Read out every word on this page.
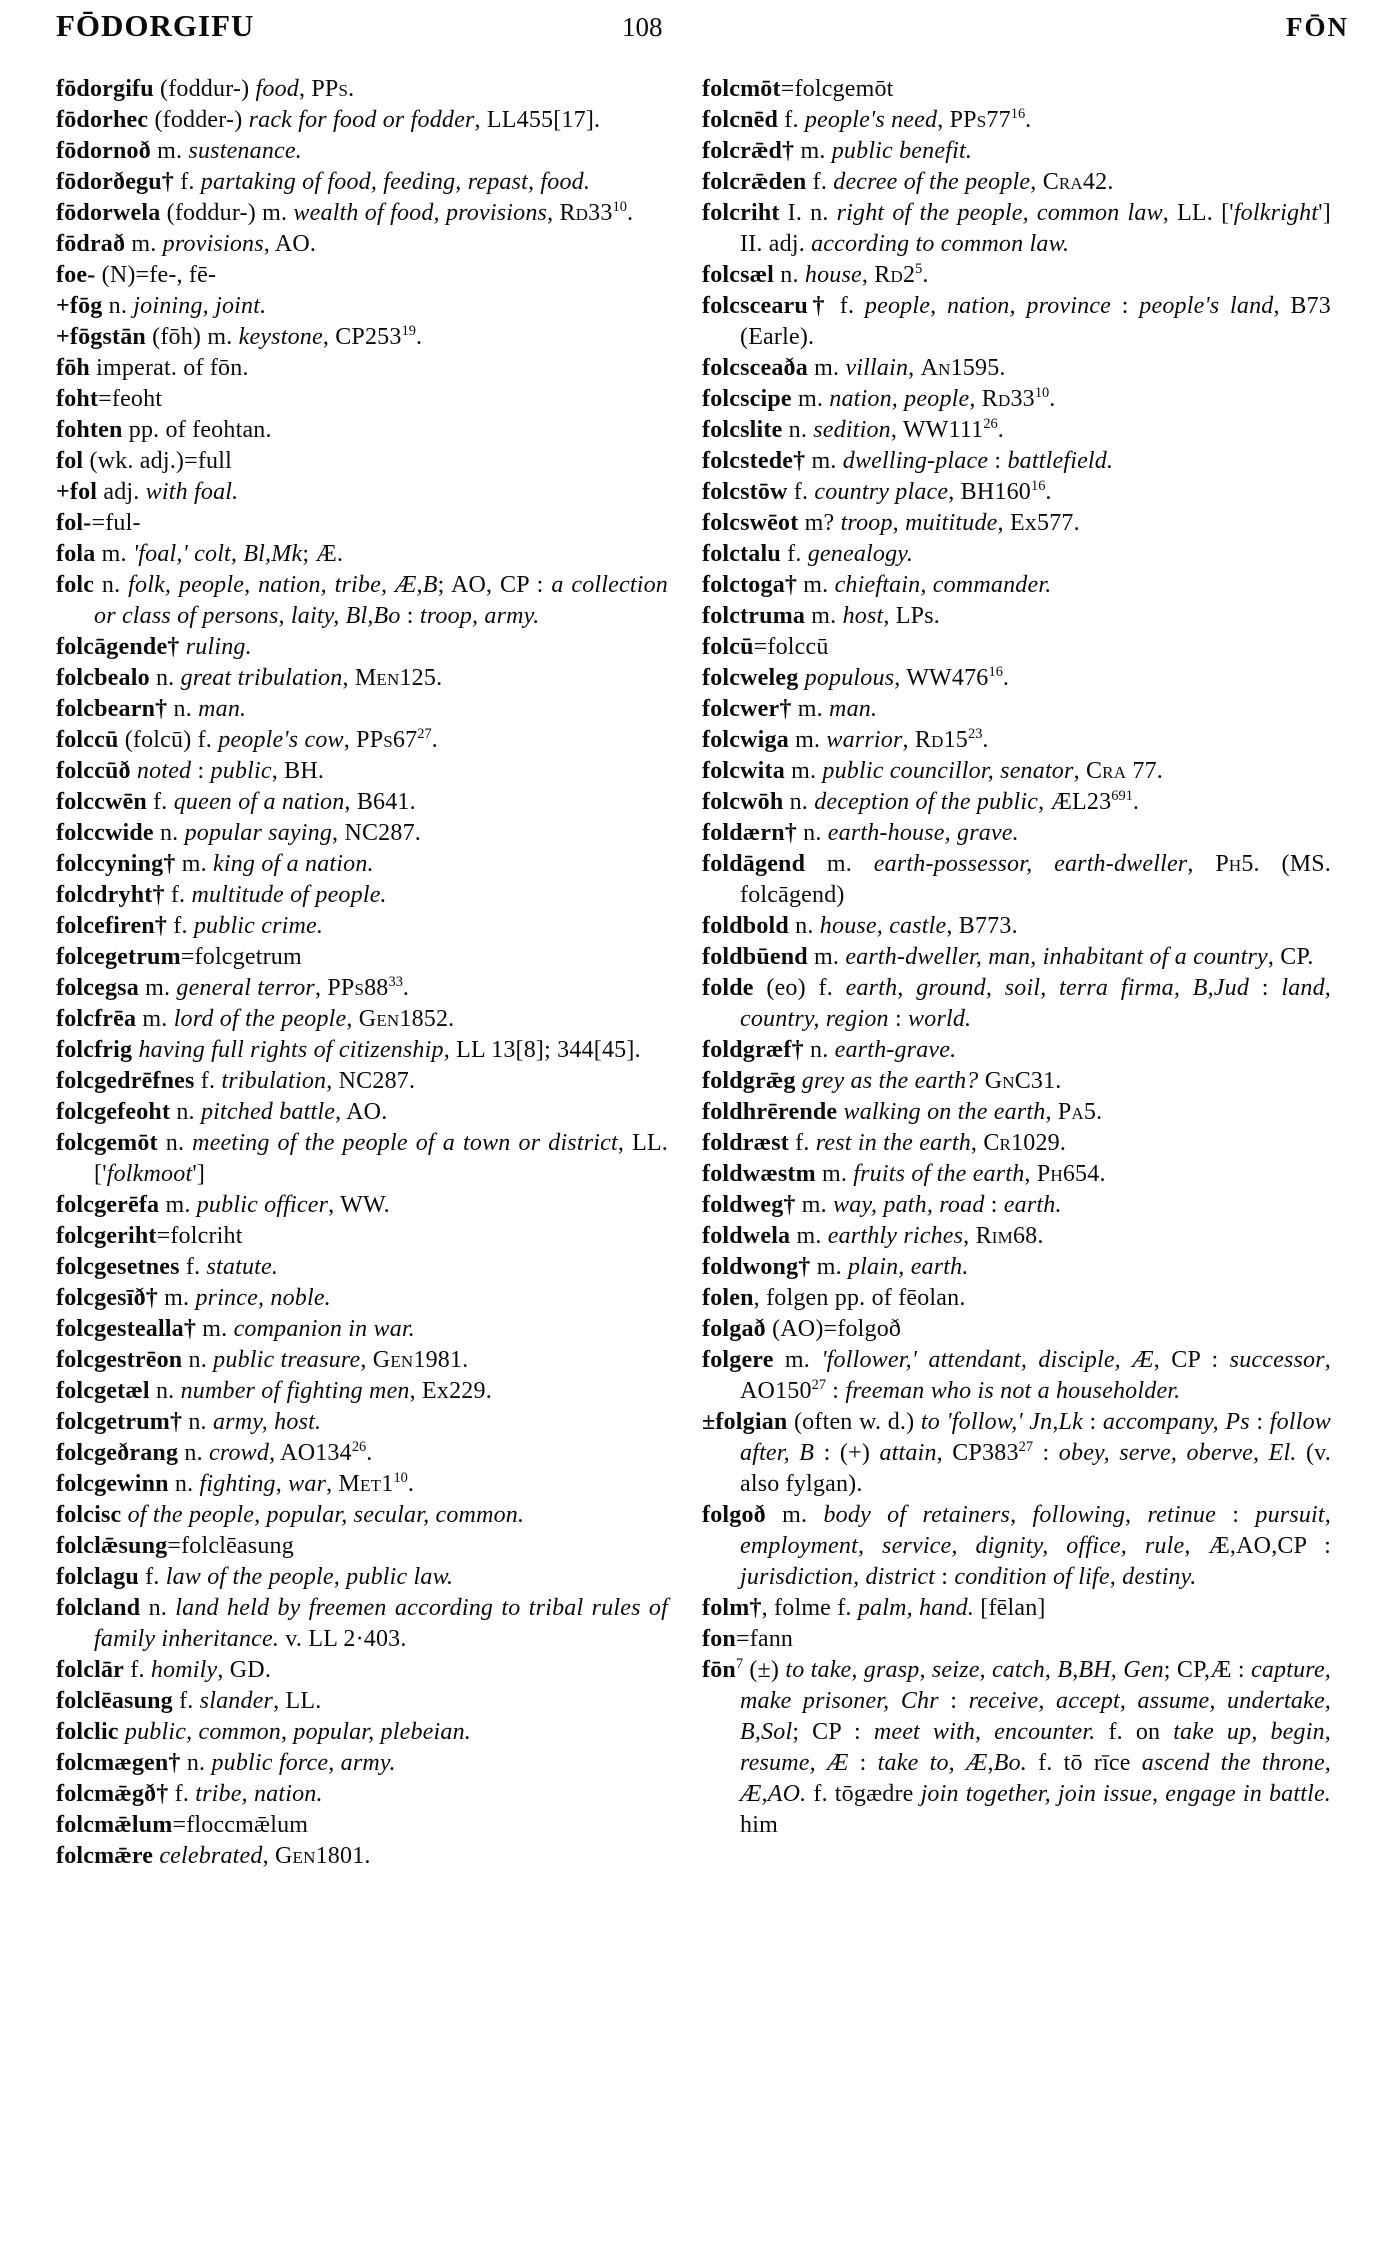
FŌDORGIFU	108	FŌN

fōdorgifu (foddur-) food, PPs.

fōdorhec (fodder-) rack for food or fodder, LL455[17].

fōdornoð m. sustenance.

fōdorðegu† f. partaking of food, feeding, repast, food.

fōdorwela (foddur-) m. wealth of food, provisions, $Rd33^{10}$.

fōdrað m. provisions, AO.

foe- (N)=fe-, fē-

+fōg n. joining, joint.

+fōgstān (fōh) m. keystone, $CP253^{19}$.

fōh imperat. of fōn.

foht=feoht

fohten pp. of feohtan.

fol (wk. adj.)=full

+fol adj. with foal.

fol-=ful-

fola m. 'foal,' colt, Bl,Mk; Æ.

folc n. folk, people, nation, tribe, Æ,B; AO, CP : a collection or class of persons, laity, Bl,Bo : troop, army.

folcāgende† ruling.

folcbealo n. great tribulation, Men125.

folcbearn† n. man.

folccū (folcū) f. people's cow, $PPs67^{27}$.

folccūð noted : public, BH.

folccwēn f. queen of a nation, B641.

folccwide n. popular saying, NC287.

folccyning† m. king of a nation.

folcdryht† f. multitude of people.

folcefiren† f. public crime.

folcegetrum=folcgetrum

folcegsa m. general terror, $PPs88^{33}$.

folcfrēa m. lord of the people, Gen1852.

folcfrig having full rights of citizenship, LL 13[8]; 344[45].

folcgedrēfnes f. tribulation, NC287.

folcgefeoht n. pitched battle, AO.

folcgemōt n. meeting of the people of a town or district, LL. ['folkmoot']

folcgerēfa m. public officer, WW.

folcgeriht=folcriht

folcgesetnes f. statute.

folcgesīð† m. prince, noble.

folcgestealla† m. companion in war.

folcgestrēon n. public treasure, Gen1981.

folcgetæl n. number of fighting men, Ex229.

folcgetrum† n. army, host.

folcgeðrang n. crowd, $AO134^{26}$.

folcgewinn n. fighting, war, $Met1^{10}$.

folcisc of the people, popular, secular, common.

folclǣsung=folclēasung

folclagu f. law of the people, public law.

folcland n. land held by freemen according to tribal rules of family inheritance. v. LL 2·403.

folclār f. homily, GD.

folclēasung f. slander, LL.

folclic public, common, popular, plebeian.

folcmægen† n. public force, army.

folcmǣgð† f. tribe, nation.

folcmǣlum=floccmǣlum

folcmǣre celebrated, Gen1801.

folcmōt=folcgemōt

folcnēd f. people's need, $PPs77^{16}$.

folcrǣd† m. public benefit.

folcrǣden f. decree of the people, Cra42.

folcriht I. n. right of the people, common law, LL. ['folkright'] II. adj. according to common law.

folcsæl n. house, $Rd2^5$.

folcscearu† f. people, nation, province : people's land, B73 (Earle).

folcsceaða m. villain, An1595.

folcscipe m. nation, people, $Rd33^{10}$.

folcslite n. sedition, $WW111^{26}$.

folcstede† m. dwelling-place : battlefield.

folcstōw f. country place, $BH160^{16}$.

folcswēot m? troop, muititude, Ex577.

folctalu f. genealogy.

folctoga† m. chieftain, commander.

folctruma m. host, LPs.

folcū=folccū

folcweleg populous, $WW476^{16}$.

folcwer† m. man.

folcwiga m. warrior, $Rd15^{23}$.

folcwita m. public councillor, senator, Cra 77.

folcwōh n. deception of the public, $ÆL23^{691}$.

foldærn† n. earth-house, grave.

foldāgend m. earth-possessor, earth-dweller, Ph5. (MS. folcāgend)

foldbold n. house, castle, B773.

foldbūend m. earth-dweller, man, inhabitant of a country, CP.

folde (eo) f. earth, ground, soil, terra firma, B,Jud : land, country, region : world.

foldgræf† n. earth-grave.

foldgrǣg grey as the earth? GnC31.

foldhrērende walking on the earth, Pa5.

foldræst f. rest in the earth, Cr1029.

foldwæstm m. fruits of the earth, Ph654.

foldweg† m. way, path, road : earth.

foldwela m. earthly riches, Rim68.

foldwong† m. plain, earth.

folen, folgen pp. of fēolan.

folgað (AO)=folgoð

folgere m. 'follower,' attendant, disciple, Æ, CP : successor, $AO150^{27}$ : freeman who is not a householder.

±folgian (often w. d.) to 'follow,' Jn,Lk : accompany, Ps : follow after, B : (+) attain, $CP383^{27}$ : obey, serve, oberve, El. (v. also fylgan).

folgoð m. body of retainers, following, retinue : pursuit, employment, service, dignity, office, rule, Æ,AO,CP : jurisdiction, district : condition of life, destiny.

folm†, folme f. palm, hand. [fēlan]

fon=fann

fōn$^7$ (±) to take, grasp, seize, catch, B,BH, Gen; CP,Æ : capture, make prisoner, Chr : receive, accept, assume, undertake, B,Sol; CP : meet with, encounter. f. on take up, begin, resume, Æ : take to, Æ,Bo. f. tō rīce ascend the throne, Æ,AO. f. tōgædre join together, join issue, engage in battle. him
